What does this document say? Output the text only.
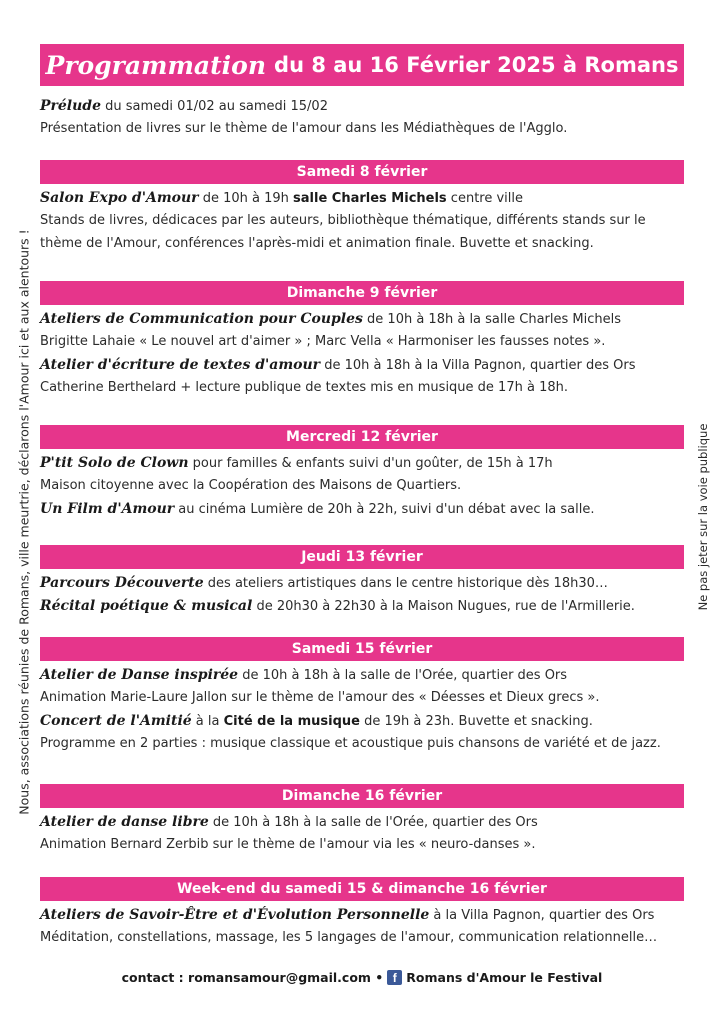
Programmation du 8 au 16 Février 2025 à Romans
Prélude du samedi 01/02 au samedi 15/02
Présentation de livres sur le thème de l'amour dans les Médiathèques de l'Agglo.
Samedi 8 février
Salon Expo d'Amour de 10h à 19h salle Charles Michels centre ville
Stands de livres, dédicaces par les auteurs, bibliothèque thématique, différents stands sur le
thème de l'Amour, conférences l'après-midi et animation finale. Buvette et snacking.
Dimanche 9 février
Ateliers de Communication pour Couples de 10h à 18h à la salle Charles Michels
Brigitte Lahaie « Le nouvel art d'aimer » ; Marc Vella « Harmoniser les fausses notes ».
Atelier d'écriture de textes d'amour de 10h à 18h à la Villa Pagnon, quartier des Ors
Catherine Berthelard + lecture publique de textes mis en musique de 17h à 18h.
Mercredi 12 février
P'tit Solo de Clown pour familles & enfants suivi d'un goûter, de 15h à 17h
Maison citoyenne avec la Coopération des Maisons de Quartiers.
Un Film d'Amour au cinéma Lumière de 20h à 22h, suivi d'un débat avec la salle.
Jeudi 13 février
Parcours Découverte des ateliers artistiques dans le centre historique dès 18h30…
Récital poétique & musical de 20h30 à 22h30 à la Maison Nugues, rue de l'Armillerie.
Samedi 15 février
Atelier de Danse inspirée de 10h à 18h à la salle de l'Orée, quartier des Ors
Animation Marie-Laure Jallon sur le thème de l'amour des « Déesses et Dieux grecs ».
Concert de l'Amitié à la Cité de la musique de 19h à 23h. Buvette et snacking.
Programme en 2 parties : musique classique et acoustique puis chansons de variété et de jazz.
Dimanche 16 février
Atelier de danse libre de 10h à 18h à la salle de l'Orée, quartier des Ors
Animation Bernard Zerbib sur le thème de l'amour via les « neuro-danses ».
Week-end du samedi 15 & dimanche 16 février
Ateliers de Savoir-Être et d'Évolution Personnelle à la Villa Pagnon, quartier des Ors
Méditation, constellations, massage, les 5 langages de l'amour, communication relationnelle…
Nous, associations réunies de Romans, ville meurtrie, déclarons l'Amour ici et aux alentours !	Ne pas jeter sur la voie publique
contact : romansamour@gmail.com • f Romans d'Amour le Festival
